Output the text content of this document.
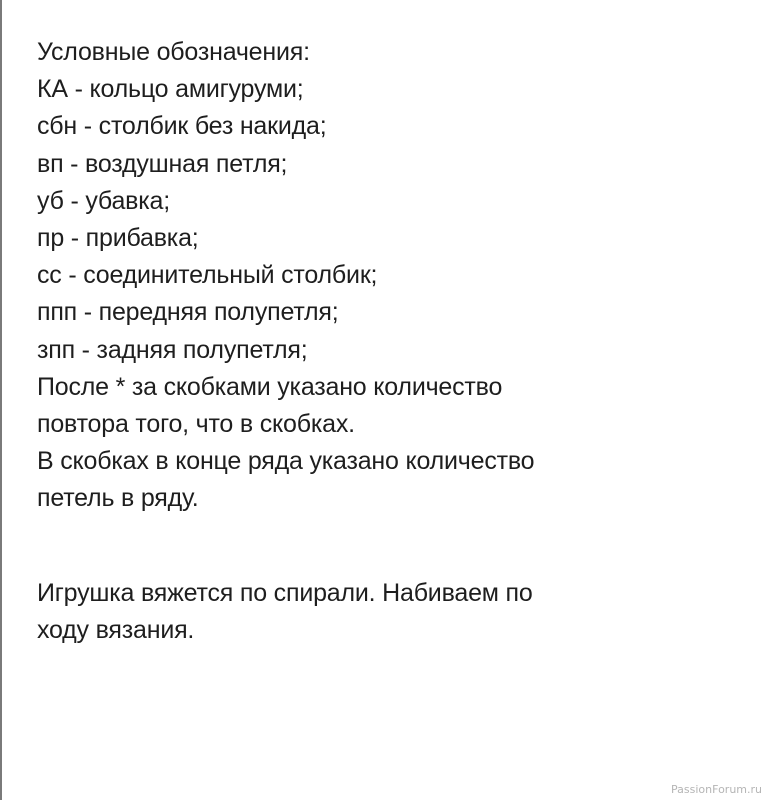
Условные обозначения:
КА - кольцо амигуруми;
сбн - столбик без накида;
вп - воздушная петля;
уб - убавка;
пр - прибавка;
сс - соединительный столбик;
ппп - передняя полупетля;
зпп - задняя полупетля;
После * за скобками указано количество
повтора того, что в скобках.
В скобках в конце ряда указано количество
петель в ряду.
Игрушка вяжется по спирали. Набиваем по
ходу вязания.
PassionForum.ru
